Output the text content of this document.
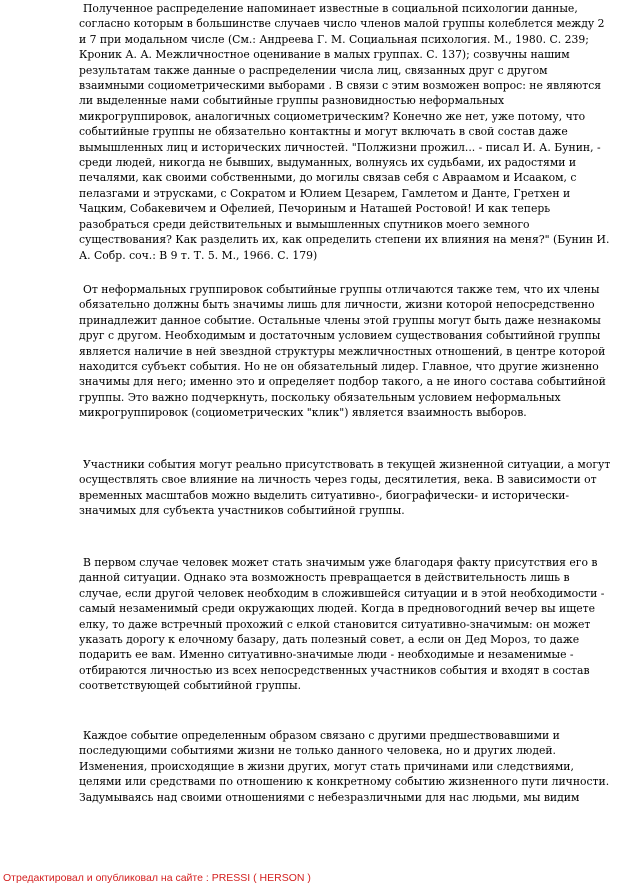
Полученное распределение напоминает известные в социальной психологии данные, согласно которым в большинстве случаев число членов малой группы колеблется между 2 и 7 при модальном числе (См.: Андреева Г. М. Социальная психология. М., 1980. С. 239; Кроник А. А. Межличностное оценивание в малых группах. С. 137); созвучны нашим результатам также данные о распределении числа лиц, связанных друг с другом взаимными социометрическими выборами . В связи с этим возможен вопрос: не являются ли выделенные нами событийные группы разновидностью неформальных микрогруппировок, аналогичных социометрическим? Конечно же нет, уже потому, что событийные группы не обязательно контактны и могут включать в свой состав даже вымышленных лиц и исторических личностей. "Полжизни прожил... - писал И. А. Бунин, - среди людей, никогда не бывших, выдуманных, волнуясь их судьбами, их радостями и печалями, как своими собственными, до могилы связав себя с Авраамом и Исааком, с пелазгами и этрусками, с Сократом и Юлием Цезарем, Гамлетом и Данте, Гретхен и Чацким, Собакевичем и Офелией, Печориным и Наташей Ростовой! И как теперь разобраться среди действительных и вымышленных спутников моего земного существования? Как разделить их, как определить степени их влияния на меня?" (Бунин И. А. Собр. соч.: В 9 т. Т. 5. М., 1966. С. 179)

От неформальных группировок событийные группы отличаются также тем, что их члены обязательно должны быть значимы лишь для личности, жизни которой непосредственно принадлежит данное событие. Остальные члены этой группы могут быть даже незнакомы друг с другом. Необходимым и достаточным условием существования событийной группы является наличие в ней звездной структуры межличностных отношений, в центре которой находится субъект события. Но не он обязательный лидер. Главное, что другие жизненно значимы для него; именно это и определяет подбор такого, а не иного состава событийной группы. Это важно подчеркнуть, поскольку обязательным условием неформальных микрогруппировок (социометрических "клик") является взаимность выборов.

Участники события могут реально присутствовать в текущей жизненной ситуации, а могут осуществлять свое влияние на личность через годы, десятилетия, века. В зависимости от временных масштабов можно выделить ситуативно-, биографически- и исторически-значимых для субъекта участников событийной группы.

В первом случае человек может стать значимым уже благодаря факту присутствия его в данной ситуации. Однако эта возможность превращается в действительность лишь в случае, если другой человек необходим в сложившейся ситуации и в этой необходимости - самый незаменимый среди окружающих людей. Когда в предновогодний вечер вы ищете елку, то даже встречный прохожий с елкой становится ситуативно-значимым: он может указать дорогу к елочному базару, дать полезный совет, а если он Дед Мороз, то даже подарить ее вам. Именно ситуативно-значимые люди - необходимые и незаменимые - отбираются личностью из всех непосредственных участников события и входят в состав соответствующей событийной группы.

Каждое событие определенным образом связано с другими предшествовавшими и последующими событиями жизни не только данного человека, но и других людей. Изменения, происходящие в жизни других, могут стать причинами или следствиями, целями или средствами по отношению к конкретному событию жизненного пути личности. Задумываясь над своими отношениями с небезразличными для нас людьми, мы видим

Отредактировал и опубликовал на сайте : PRESSI ( HERSON )
